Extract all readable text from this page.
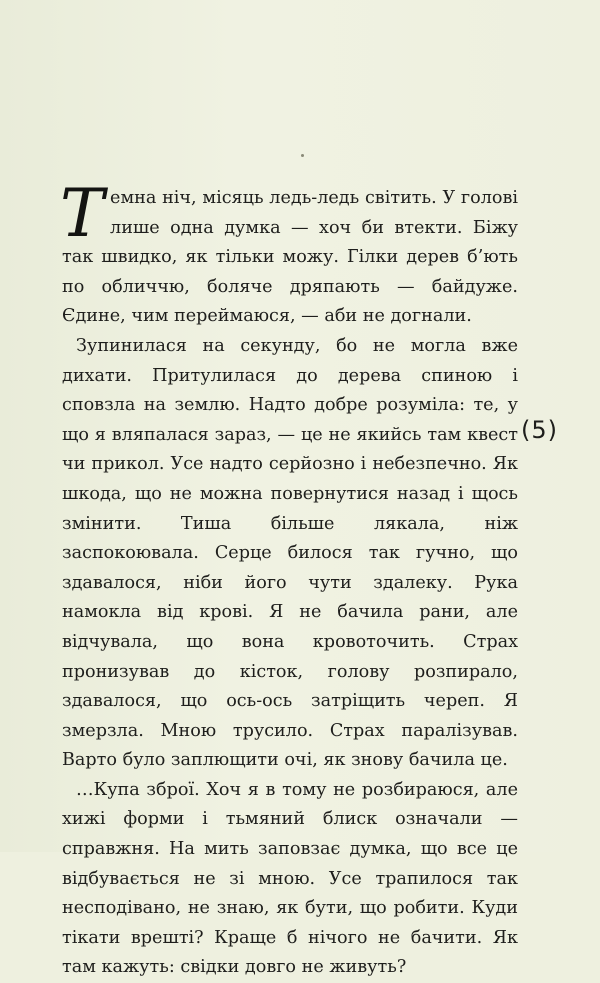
Темна ніч, місяць ледь-ледь світить. У голові лише одна думка — хоч би втекти. Біжу так швидко, як тільки можу. Гілки дерев б’ють по обличчю, боляче дряпають — байдуже. Єдине, чим переймаюся, — аби не догнали.

Зупинилася на секунду, бо не могла вже дихати. Притулилася до дерева спиною і сповзла на землю. Надто добре розуміла: те, у що я вляпалася зараз, — це не якийсь там квест чи прикол. Усе надто серйозно і небезпечно. Як шкода, що не можна повернутися назад і щось змінити. Тиша більше лякала, ніж заспокоювала. Серце билося так гучно, що здавалося, ніби його чути здалеку. Рука намокла від крові. Я не бачила рани, але відчувала, що вона кровоточить. Страх пронизував до кісток, голову розпирало, здавалося, що ось-ось затріщить череп. Я змерзла. Мною трусило. Страх паралізував. Варто було заплющити очі, як знову бачила це.

…Купа зброї. Хоч я в тому не розбираюся, але хижі форми і тьмяний блиск означали — справжня. На мить заповзає думка, що все це відбувається не зі мною. Усе трапилося так несподівано, не знаю, як бути, що робити. Куди тікати врешті? Краще б нічого не бачити. Як там кажуть: свідки довго не живуть?

(5)
